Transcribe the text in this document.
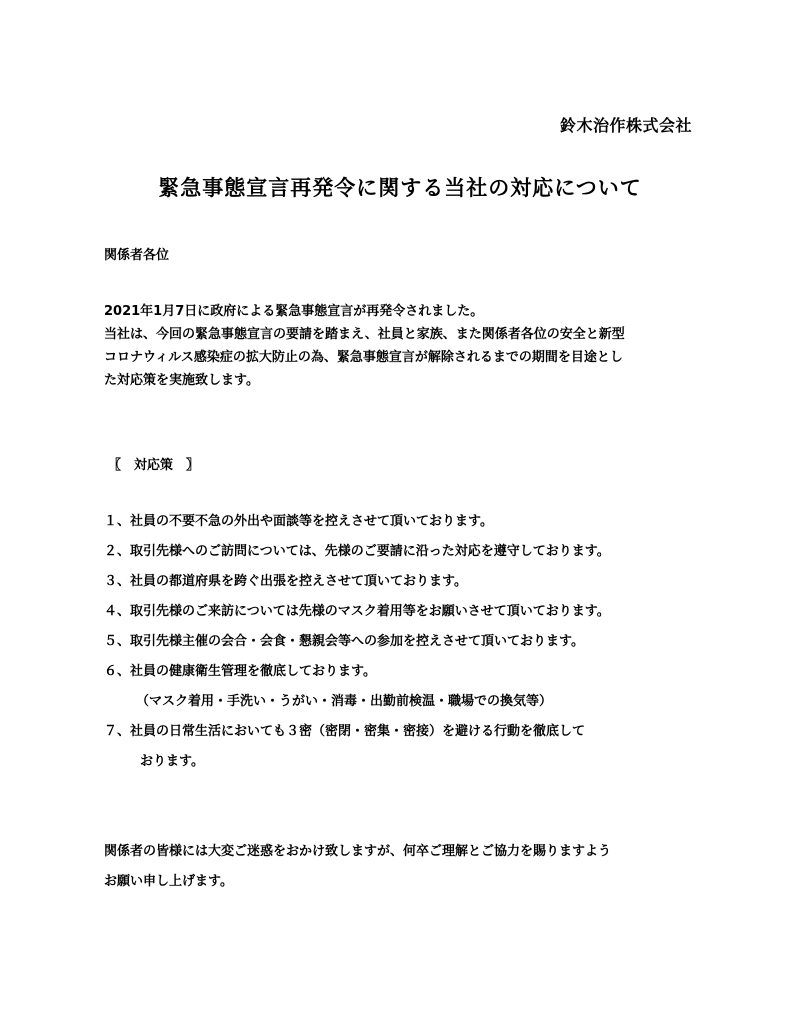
鈴木治作株式会社
緊急事態宣言再発令に関する当社の対応について
関係者各位
2021年1月7日に政府による緊急事態宣言が再発令されました。
当社は、今回の緊急事態宣言の要請を踏まえ、社員と家族、また関係者各位の安全と新型
コロナウィルス感染症の拡大防止の為、緊急事態宣言が解除されるまでの期間を目途とし
た対応策を実施致します。
〖　対応策　〗
１、社員の不要不急の外出や面談等を控えさせて頂いております。
２、取引先様へのご訪問については、先様のご要請に沿った対応を遵守しております。
３、社員の都道府県を跨ぐ出張を控えさせて頂いております。
４、取引先様のご来訪については先様のマスク着用等をお願いさせて頂いております。
５、取引先様主催の会合・会食・懇親会等への参加を控えさせて頂いております。
６、社員の健康衛生管理を徹底しております。
（マスク着用・手洗い・うがい・消毒・出勤前検温・職場での換気等）
７、社員の日常生活においても３密（密閉・密集・密接）を避ける行動を徹底して
おります。
関係者の皆様には大変ご迷惑をおかけ致しますが、何卒ご理解とご協力を賜りますよう
お願い申し上げます。
